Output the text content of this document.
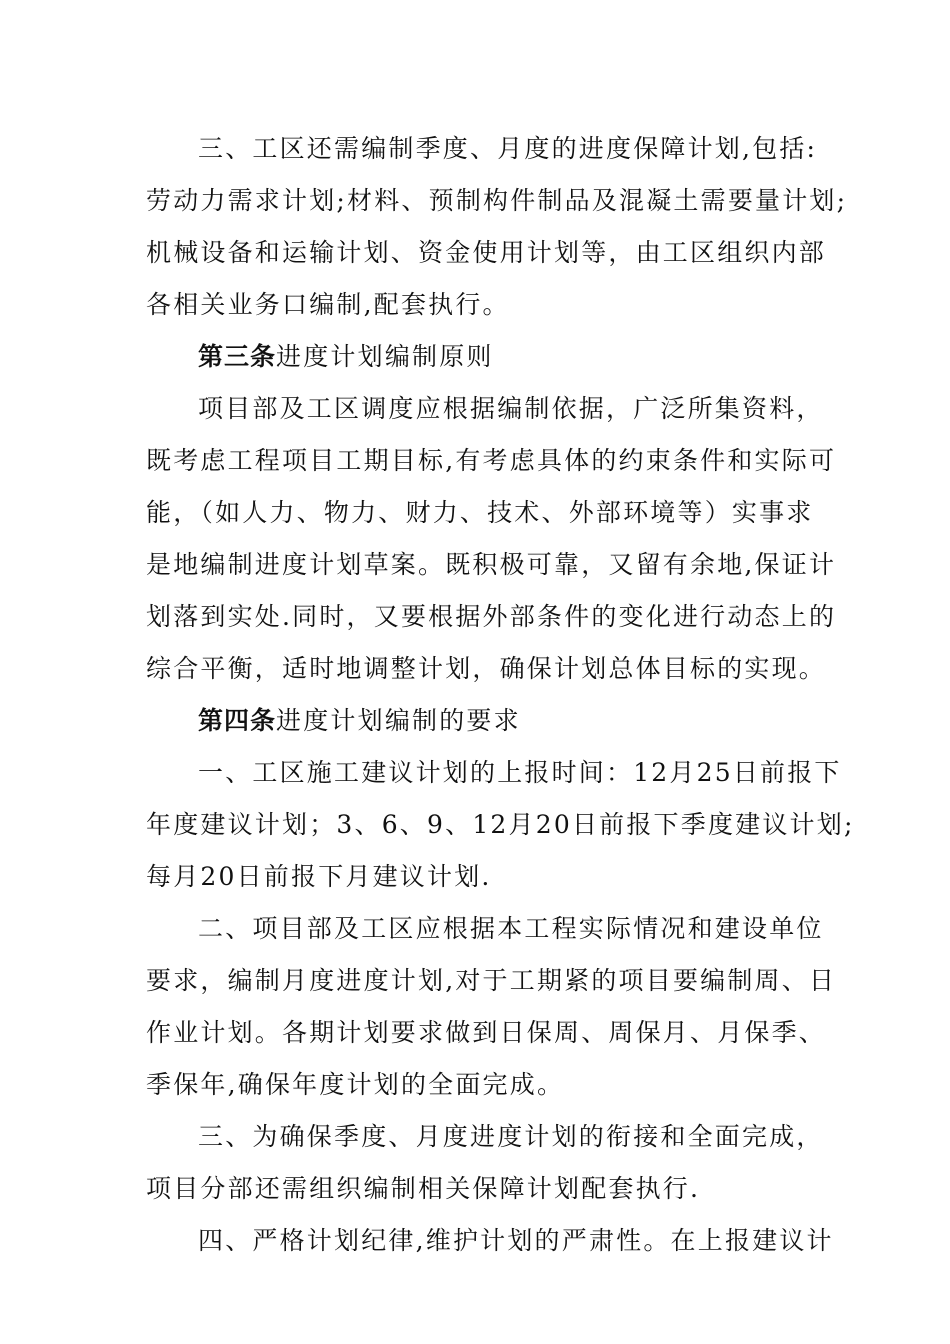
三、工区还需编制季度、月度的进度保障计划,包括:
劳动力需求计划;材料、预制构件制品及混凝土需要量计划;
机械设备和运输计划、资金使用计划等，由工区组织内部
各相关业务口编制,配套执行。
第三条进度计划编制原则
项目部及工区调度应根据编制依据，广泛所集资料，
既考虑工程项目工期目标,有考虑具体的约束条件和实际可
能，（如人力、物力、财力、技术、外部环境等）实事求
是地编制进度计划草案。既积极可靠，又留有余地,保证计
划落到实处.同时，又要根据外部条件的变化进行动态上的
综合平衡，适时地调整计划，确保计划总体目标的实现。
第四条进度计划编制的要求
一、工区施工建议计划的上报时间：12月25日前报下
年度建议计划；3、6、9、12月20日前报下季度建议计划;
每月20日前报下月建议计划.
二、项目部及工区应根据本工程实际情况和建设单位
要求，编制月度进度计划,对于工期紧的项目要编制周、日
作业计划。各期计划要求做到日保周、周保月、月保季、
季保年,确保年度计划的全面完成。
三、为确保季度、月度进度计划的衔接和全面完成，
项目分部还需组织编制相关保障计划配套执行.
四、严格计划纪律,维护计划的严肃性。在上报建议计
